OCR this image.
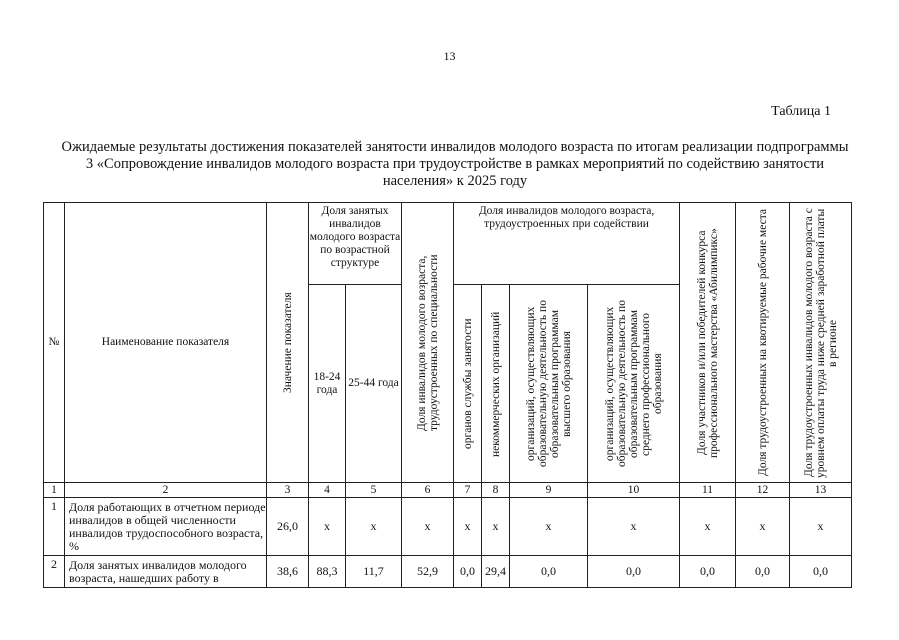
13
Таблица 1
Ожидаемые результаты достижения показателей занятости инвалидов молодого возраста по итогам реализации подпрограммы 3 «Сопровождение инвалидов молодого возраста при трудоустройстве в рамках мероприятий по содействию занятости населения» к 2025 году
№	Наименование показателя	Значение показателя	Доля занятых инвалидов молодого возраста по возрастной структуре		Доля инвалидов молодого возраста, трудоустроенных по специальности	Доля инвалидов молодого возраста, трудоустроенных при содействии				Доля участников и/или победителей конкурса профессионального мастерства «Абилимпикс»	Доля трудоустроенных на квотируемые рабочие места	Доля трудоустроенных инвалидов молодого возраста с уровнем оплаты труда ниже средней заработной платы в регионе

			18-24 года	25-44 года		органов службы занятости	некоммерческих организаций	организаций, осуществляющих образовательную деятельность по образовательным программам высшего образования	организаций, осуществляющих образовательную деятельность по образовательным программам среднего профессионального образования			

1	2	3	4	5	6	7	8	9	10	11	12	13
1	Доля работающих в отчетном периоде инвалидов в общей численности инвалидов трудоспособного возраста, %	26,0	x	x	x	x	x	x	x	x	x	x
2	Доля занятых инвалидов молодого возраста, нашедших работу в	38,6	88,3	11,7	52,9	0,0	29,4	0,0	0,0	0,0	0,0	0,0
